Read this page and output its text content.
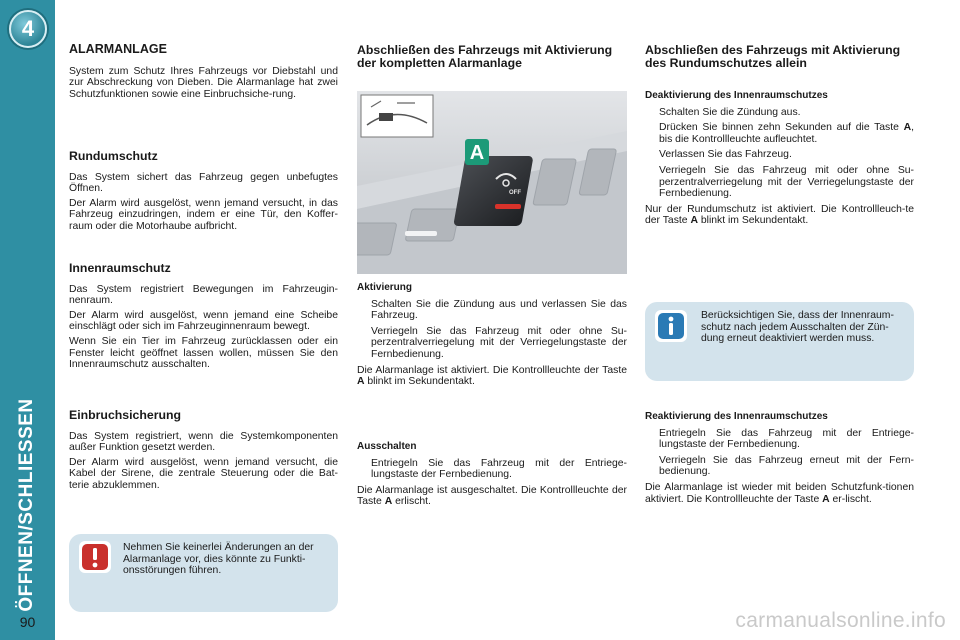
4
ÖFFNEN/SCHLIESSEN
90
ALARMANLAGE

System zum Schutz Ihres Fahrzeugs vor Diebstahl und zur Abschreckung von Dieben. Die Alarmanlage hat zwei Schutzfunktionen sowie eine Einbruchsiche-rung.

Rundumschutz

Das System sichert das Fahrzeug gegen unbefugtes Öffnen.

Der Alarm wird ausgelöst, wenn jemand versucht, in das Fahrzeug einzudringen, indem er eine Tür, den Koffer-raum oder die Motorhaube aufbricht.

Innenraumschutz

Das System registriert Bewegungen im Fahrzeugin-nenraum.

Der Alarm wird ausgelöst, wenn jemand eine Scheibe einschlägt oder sich im Fahrzeuginnenraum bewegt.

Wenn Sie ein Tier im Fahrzeug zurücklassen oder ein Fenster leicht geöffnet lassen wollen, müssen Sie den Innenraumschutz ausschalten.

Einbruchsicherung

Das System registriert, wenn die Systemkomponenten außer Funktion gesetzt werden.

Der Alarm wird ausgelöst, wenn jemand versucht, die Kabel der Sirene, die zentrale Steuerung oder die Bat-terie abzuklemmen.

Nehmen Sie keinerlei Änderungen an der Alarmanlage vor, dies könnte zu Funkti-onsstörungen führen.
Abschließen des Fahrzeugs mit Aktivierung der kompletten Alarmanlage
OFF
A
Aktivierung
Schalten Sie die Zündung aus und verlassen Sie das Fahrzeug.
Verriegeln Sie das Fahrzeug mit oder ohne Su-perzentralverriegelung mit der Verriegelungstaste der Fernbedienung.

Die Alarmanlage ist aktiviert. Die Kontrollleuchte der Taste A blinkt im Sekundentakt.

Ausschalten
Entriegeln Sie das Fahrzeug mit der Entriege-lungstaste der Fernbedienung.

Die Alarmanlage ist ausgeschaltet. Die Kontrollleuchte der Taste A erlischt.

Abschließen des Fahrzeugs mit Aktivierung des Rundumschutzes allein
Deaktivierung des Innenraumschutzes
Schalten Sie die Zündung aus.
Drücken Sie binnen zehn Sekunden auf die Taste A, bis die Kontrollleuchte aufleuchtet.
Verlassen Sie das Fahrzeug.
Verriegeln Sie das Fahrzeug mit oder ohne Su-perzentralverriegelung mit der Verriegelungstaste der Fernbedienung.

Nur der Rundumschutz ist aktiviert. Die Kontrollleuch-te der Taste A blinkt im Sekundentakt.

Berücksichtigen Sie, dass der Innenraum-schutz nach jedem Ausschalten der Zün-dung erneut deaktiviert werden muss.
Reaktivierung des Innenraumschutzes
Entriegeln Sie das Fahrzeug mit der Entriege-lungstaste der Fernbedienung.
Verriegeln Sie das Fahrzeug erneut mit der Fern-bedienung.

Die Alarmanlage ist wieder mit beiden Schutzfunk-tionen aktiviert. Die Kontrollleuchte der Taste A er-lischt.

carmanualsonline.info
